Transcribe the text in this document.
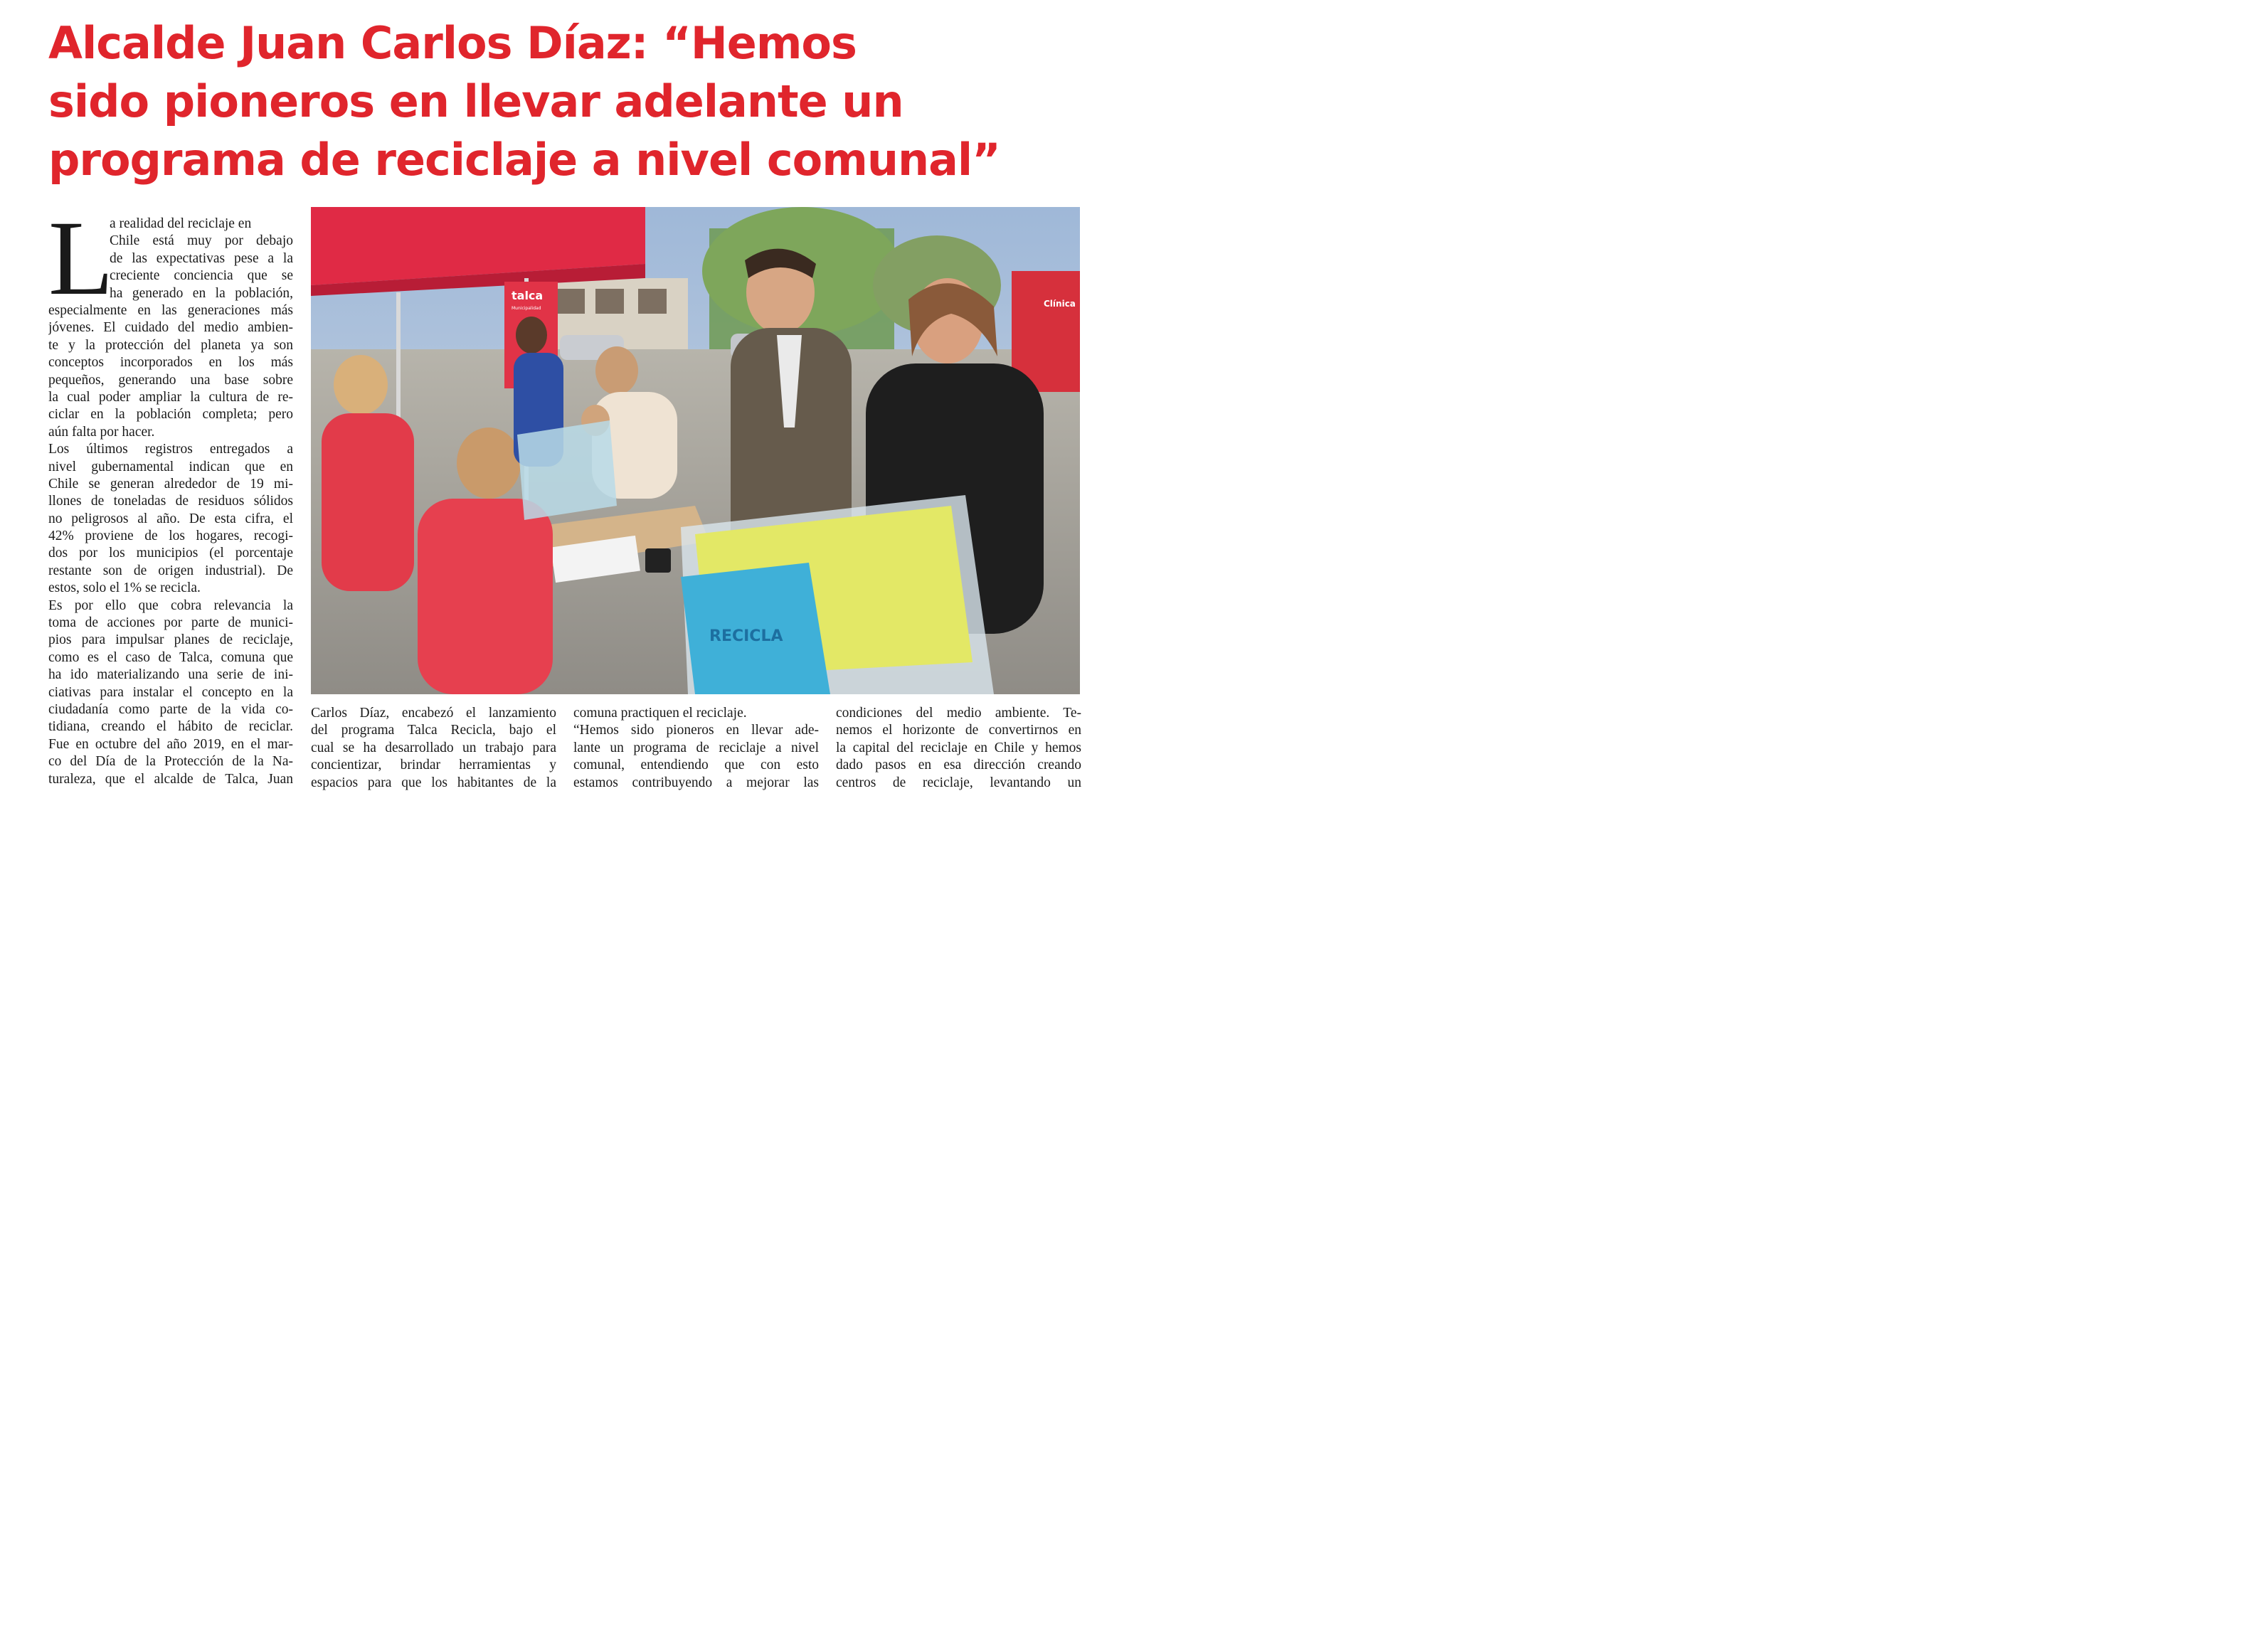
Alcalde Juan Carlos Díaz: “Hemos
sido pioneros en llevar adelante un
programa de reciclaje a nivel comunal”
L
a realidad del reciclaje en
Chile está muy por debajo
de las expectativas pese a la
creciente conciencia que se
ha generado en la población,
especialmente en las generaciones más
jóvenes. El cuidado del medio ambien-
te y la protección del planeta ya son
conceptos incorporados en los más
pequeños, generando una base sobre
la cual poder ampliar la cultura de re-
ciclar en la población completa; pero
aún falta por hacer.
Los últimos registros entregados a
nivel gubernamental indican que en
Chile se generan alrededor de 19 mi-
llones de toneladas de residuos sólidos
no peligrosos al año. De esta cifra, el
42% proviene de los hogares, recogi-
dos por los municipios (el porcentaje
restante son de origen industrial). De
estos, solo el 1% se recicla.
Es por ello que cobra relevancia la
toma de acciones por parte de munici-
pios para impulsar planes de reciclaje,
como es el caso de Talca, comuna que
ha ido materializando una serie de ini-
ciativas para instalar el concepto en la
ciudadanía como parte de la vida co-
tidiana, creando el hábito de reciclar.
Fue en octubre del año 2019, en el mar-
co del Día de la Protección de la Na-
turaleza, que el alcalde de Talca, Juan
Carlos Díaz, encabezó el lanzamiento
del programa Talca Recicla, bajo el
cual se ha desarrollado un trabajo para
concientizar, brindar herramientas y
espacios para que los habitantes de la
comuna practiquen el reciclaje.
“Hemos sido pioneros en llevar ade-
lante un programa de reciclaje a nivel
comunal, entendiendo que con esto
estamos contribuyendo a mejorar las
condiciones del medio ambiente. Te-
nemos el horizonte de convertirnos en
la capital del reciclaje en Chile y hemos
dado pasos en esa dirección creando
centros de reciclaje, levantando un
Clínica
talca
Municipalidad
RECICLA
